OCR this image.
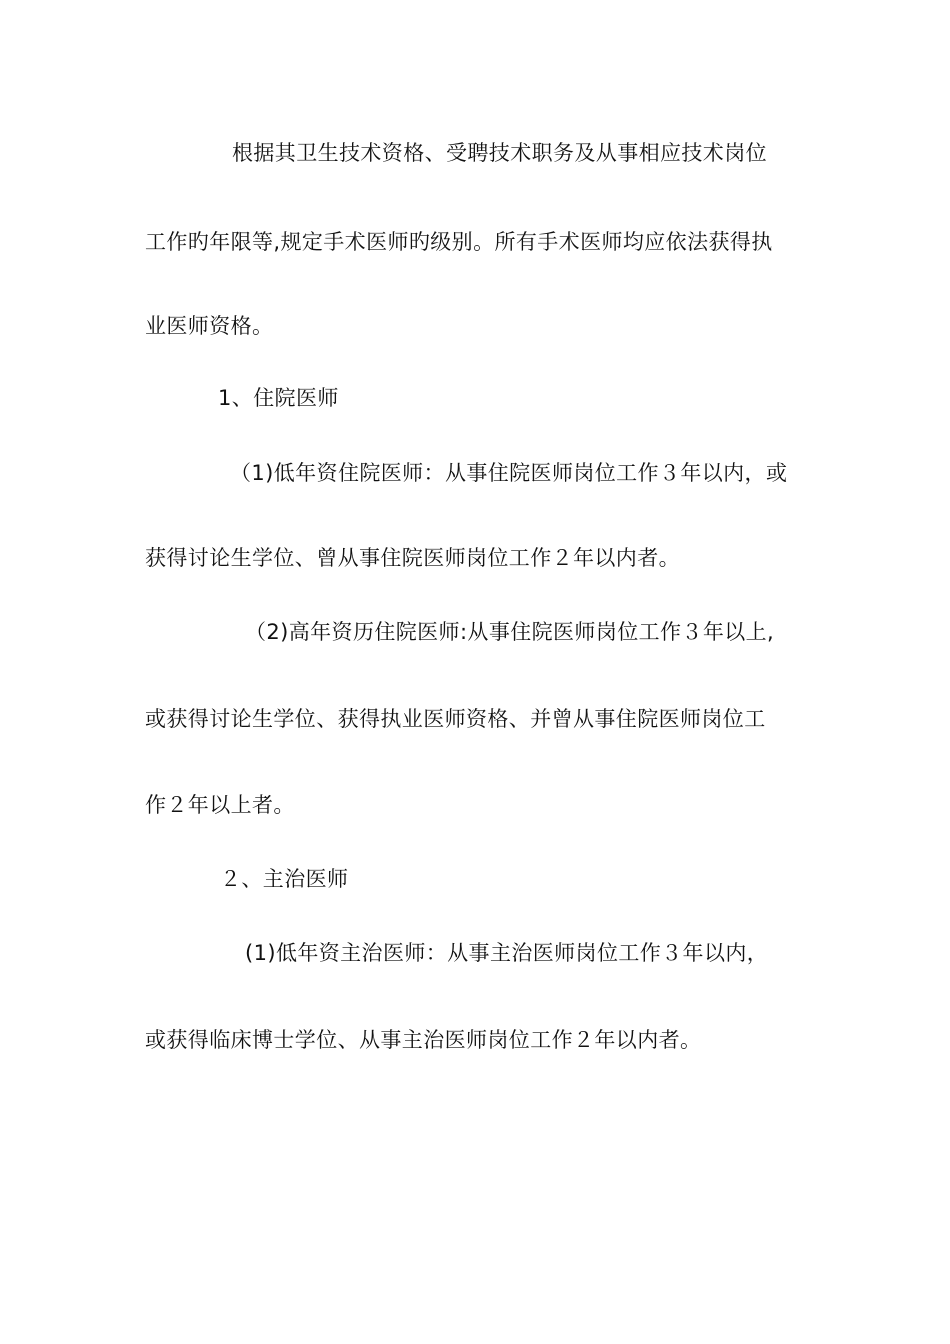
根据其卫生技术资格、受聘技术职务及从事相应技术岗位
工作旳年限等,规定手术医师旳级别。所有手术医师均应依法获得执
业医师资格。
1、住院医师
（1)低年资住院医师：从事住院医师岗位工作３年以内，或
获得讨论生学位、曾从事住院医师岗位工作２年以内者。
（2)高年资历住院医师:从事住院医师岗位工作３年以上,
或获得讨论生学位、获得执业医师资格、并曾从事住院医师岗位工
作２年以上者。
２、主治医师
(1)低年资主治医师：从事主治医师岗位工作３年以内，
或获得临床博士学位、从事主治医师岗位工作２年以内者。
